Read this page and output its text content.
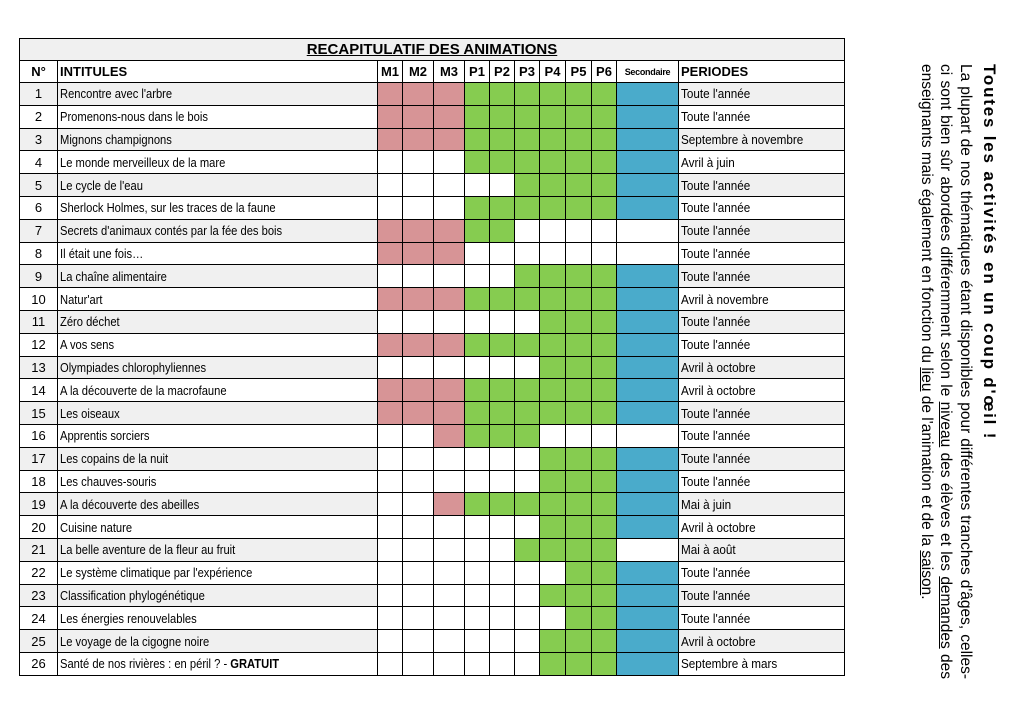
RECAPITULATIF DES ANIMATIONS												
N°	INTITULES	M1	M2	M3	P1	P2	P3	P4	P5	P6	Secondaire	PERIODES
1	Rencontre avec l'arbre											Toute l'année
2	Promenons-nous dans le bois											Toute l'année
3	Mignons champignons											Septembre à novembre
4	Le monde merveilleux de la mare											Avril à juin
5	Le cycle de l'eau											Toute l'année
6	Sherlock Holmes, sur les traces de la faune											Toute l'année
7	Secrets d'animaux contés par la fée des bois											Toute l'année
8	Il était une fois…											Toute l'année
9	La chaîne alimentaire											Toute l'année
10	Natur'art											Avril à novembre
11	Zéro déchet											Toute l'année
12	A vos sens											Toute l'année
13	Olympiades chlorophyliennes											Avril à octobre
14	A la découverte de la macrofaune											Avril à octobre
15	Les oiseaux											Toute l'année
16	Apprentis sorciers											Toute l'année
17	Les copains de la nuit											Toute l'année
18	Les chauves-souris											Toute l'année
19	A la découverte des abeilles											Mai à juin
20	Cuisine nature											Avril à octobre
21	La belle aventure de la fleur au fruit											Mai à août
22	Le système climatique par l'expérience											Toute l'année
23	Classification phylogénétique											Toute l'année
24	Les énergies renouvelables											Toute l'année
25	Le voyage de la cigogne noire											Avril à octobre
26	Santé de nos rivières : en péril ? - GRATUIT											Septembre à mars

Toutes les activités en un coup d'œil !

La plupart de nos thématiques étant disponibles pour différentes tranches d'âges, celles-ci sont bien sûr abordées différemment selon le niveau des élèves et les demandes des enseignants mais également en fonction du lieu de l'animation et de la saison.
